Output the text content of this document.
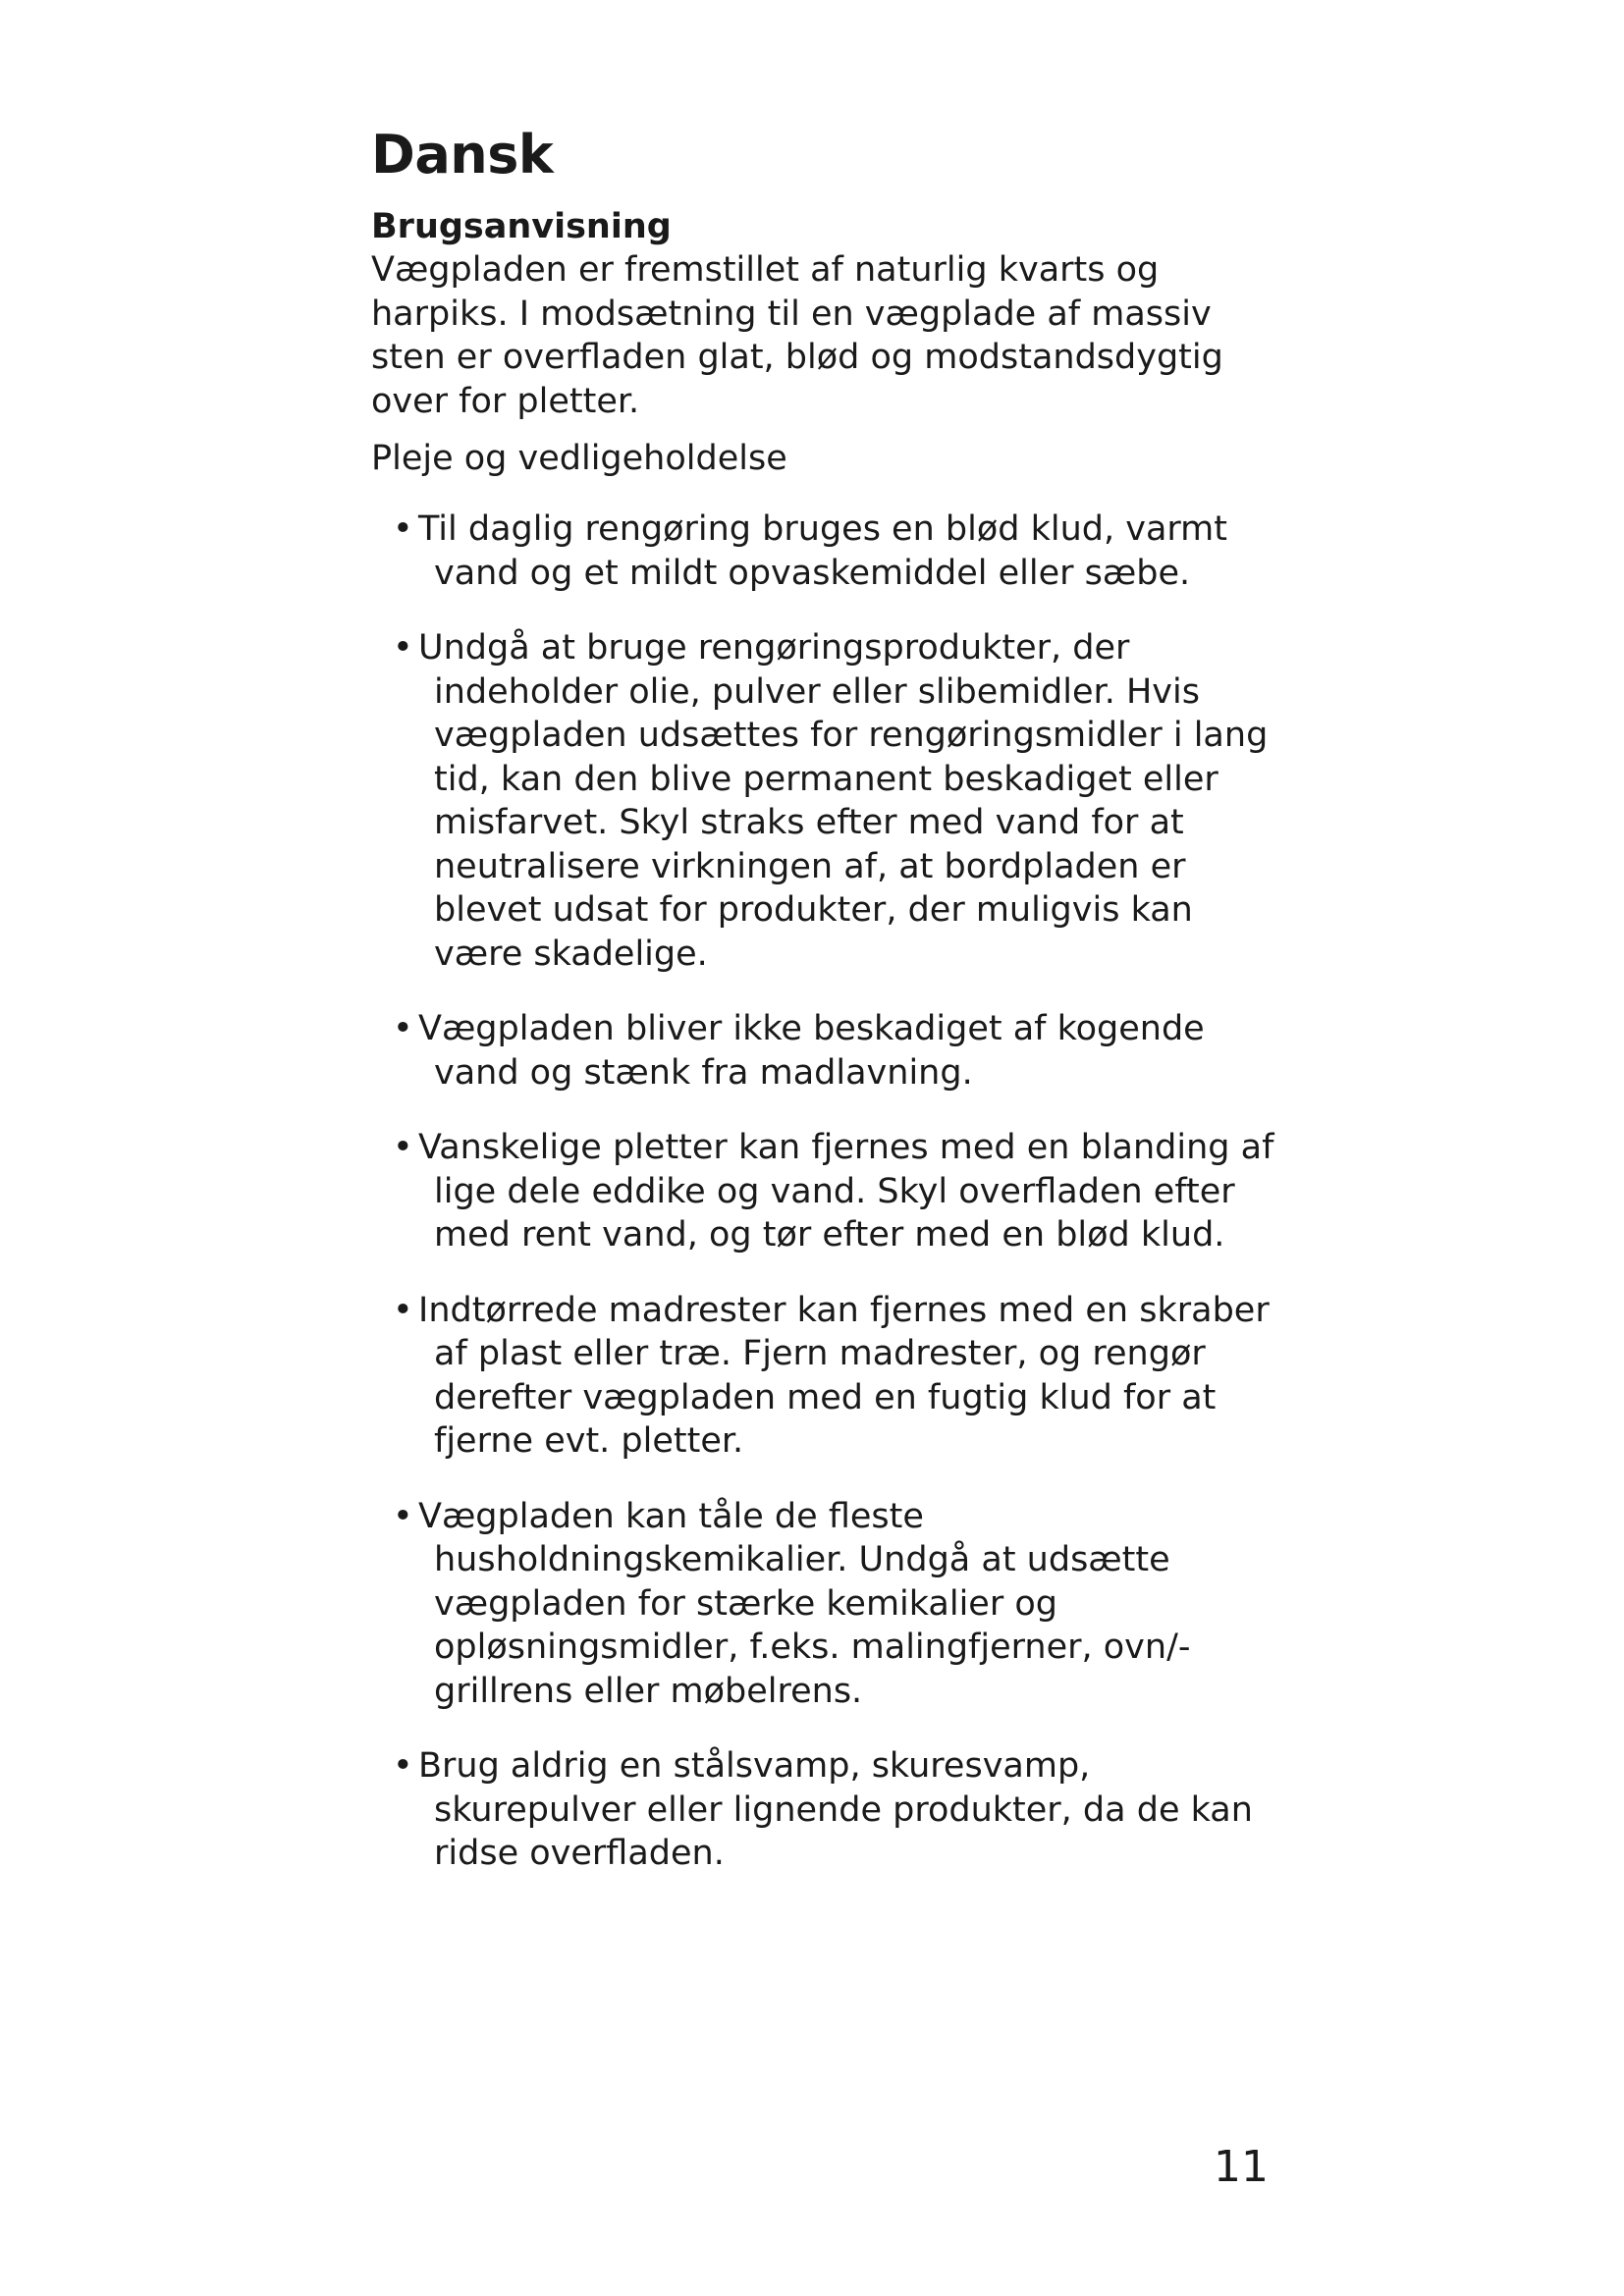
Dansk
Brugsanvisning

Vægpladen er fremstillet af naturlig kvarts og harpiks. I modsætning til en vægplade af massiv sten er overfladen glat, blød og modstandsdygtig over for pletter.

Pleje og vedligeholdelse

• Til daglig rengøring bruges en blød klud, varmt vand og et mildt opvaskemiddel eller sæbe.
• Undgå at bruge rengøringsprodukter, der indeholder olie, pulver eller slibemidler. Hvis vægpladen udsættes for rengøringsmidler i lang tid, kan den blive permanent beskadiget eller misfarvet. Skyl straks efter med vand for at neutralisere virkningen af, at bordpladen er blevet udsat for produkter, der muligvis kan være skadelige.
• Vægpladen bliver ikke beskadiget af kogende vand og stænk fra madlavning.
• Vanskelige pletter kan fjernes med en blanding af lige dele eddike og vand. Skyl overfladen efter med rent vand, og tør efter med en blød klud.
• Indtørrede madrester kan fjernes med en skraber af plast eller træ. Fjern madrester, og rengør derefter vægpladen med en fugtig klud for at fjerne evt. pletter.
• Vægpladen kan tåle de fleste husholdningskemikalier. Undgå at udsætte vægpladen for stærke kemikalier og opløsningsmidler, f.eks. malingfjerner, ovn/-grillrens eller møbelrens.
• Brug aldrig en stålsvamp, skuresvamp, skurepulver eller lignende produkter, da de kan ridse overfladen.
11
